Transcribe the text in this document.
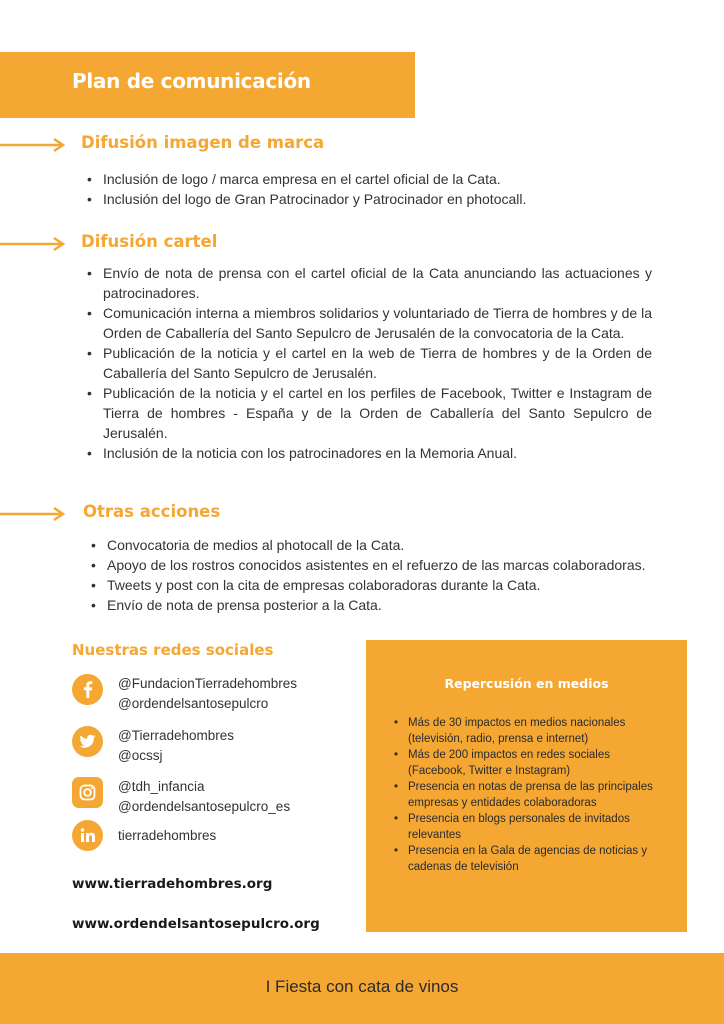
Plan de comunicación
Difusión imagen de marca
• Inclusión de logo / marca empresa en el cartel oficial de la Cata.
• Inclusión del logo de Gran Patrocinador y Patrocinador en photocall.
Difusión cartel
• Envío de nota de prensa con el cartel oficial de la Cata anunciando las actuaciones y patrocinadores.
• Comunicación interna a miembros solidarios y voluntariado de Tierra de hombres y de la Orden de Caballería del Santo Sepulcro de Jerusalén de la convocatoria de la Cata.
• Publicación de la noticia y el cartel en la web de Tierra de hombres y de la Orden de Caballería del Santo Sepulcro de Jerusalén.
• Publicación de la noticia y el cartel en los perfiles de Facebook, Twitter e Instagram de Tierra de hombres - España y de la Orden de Caballería del Santo Sepulcro de Jerusalén.
• Inclusión de la noticia con los patrocinadores en la Memoria Anual.
Otras acciones
• Convocatoria de medios al photocall de la Cata.
• Apoyo de los rostros conocidos asistentes en el refuerzo de las marcas colaboradoras.
• Tweets y post con la cita de empresas colaboradoras durante la Cata.
• Envío de nota de prensa posterior a la Cata.
Nuestras redes sociales
@FundacionTierradehombres
@ordendelsantosepulcro
@Tierradehombres
@ocssj
@tdh_infancia
@ordendelsantosepulcro_es
tierradehombres
www.tierradehombres.org
www.ordendelsantosepulcro.org
Repercusión en medios
• Más de 30 impactos en medios nacionales (televisión, radio, prensa e internet)
• Más de 200 impactos en redes sociales (Facebook, Twitter e Instagram)
• Presencia en notas de prensa de las principales empresas y entidades colaboradoras
• Presencia en blogs personales de invitados relevantes
• Presencia en la Gala de agencias de noticias y cadenas de televisión
I Fiesta con cata de vinos
